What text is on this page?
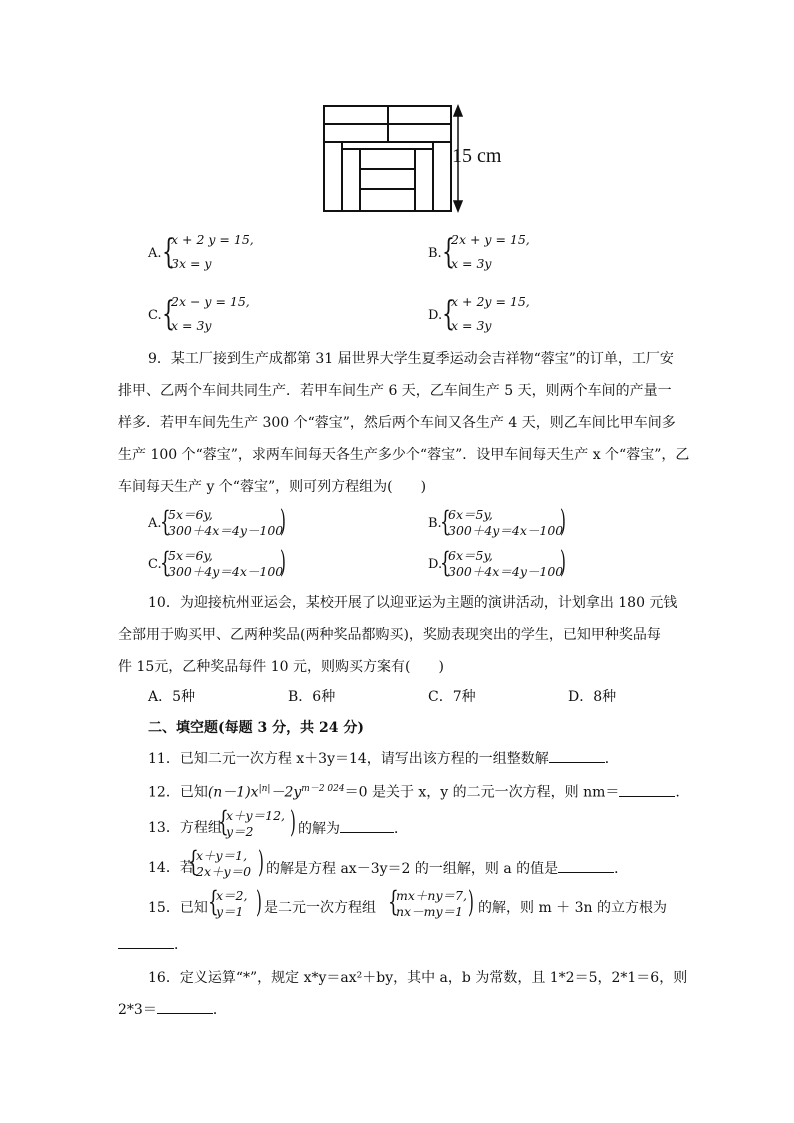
15 cm
A. {
x + 2 y = 15,
3x = y
B. {
2x + y = 15,
x = 3y
C. {
2x − y = 15,
x = 3y
D. {
x + 2y = 15,
x = 3y
9．某工厂接到生产成都第 31 届世界大学生夏季运动会吉祥物“蓉宝”的订单，工厂安
排甲、乙两个车间共同生产．若甲车间生产 6 天，乙车间生产 5 天，则两个车间的产量一
样多．若甲车间先生产 300 个“蓉宝”，然后两个车间又各生产 4 天，则乙车间比甲车间多
生产 100 个“蓉宝”，求两车间每天各生产多少个“蓉宝”．设甲车间每天生产 x 个“蓉宝”，乙
车间每天生产 y 个“蓉宝”，则可列方程组为(　　)
A.
{
5x＝6y,
300＋4x＝4y－100
)	B.
{
6x＝5y,
300＋4y＝4x－100
)
C.
{
5x＝6y,
300＋4y＝4x－100
)	D.
{
6x＝5y,
300＋4x＝4y－100
)
10．为迎接杭州亚运会，某校开展了以迎亚运为主题的演讲活动，计划拿出 180 元钱
全部用于购买甲、乙两种奖品(两种奖品都购买)，奖励表现突出的学生，已知甲种奖品每
件 15元，乙种奖品每件 10 元，则购买方案有(　　)
A．5种	B．6种	C．7种	D．8种
二、填空题(每题 3 分，共 24 分)
11．已知二元一次方程 x＋3y＝14，请写出该方程的一组整数解	．
12．已知$(n-1)x^{|n|}-2y^{m-2 024}=0$ 是关于 x，y 的二元一次方程，则 nm＝	.
13．方程组
{
x＋y＝12,
y＝2 ) 的解为	．
14．若
{
x＋y＝1,
2x＋y＝0 ) 的解是方程 ax－3y＝2 的一组解，则 a 的值是	．
15．已知 {
x＝2,
y＝1 ) 是二元一次方程组 {
mx＋ny＝7,
nx－my＝1 ) 的解，则 m ＋ 3n 的立方根为
．
16．定义运算“*”，规定 x*y＝ax²＋by，其中 a，b 为常数，且 1*2＝5，2*1＝6，则
2*3＝	．
